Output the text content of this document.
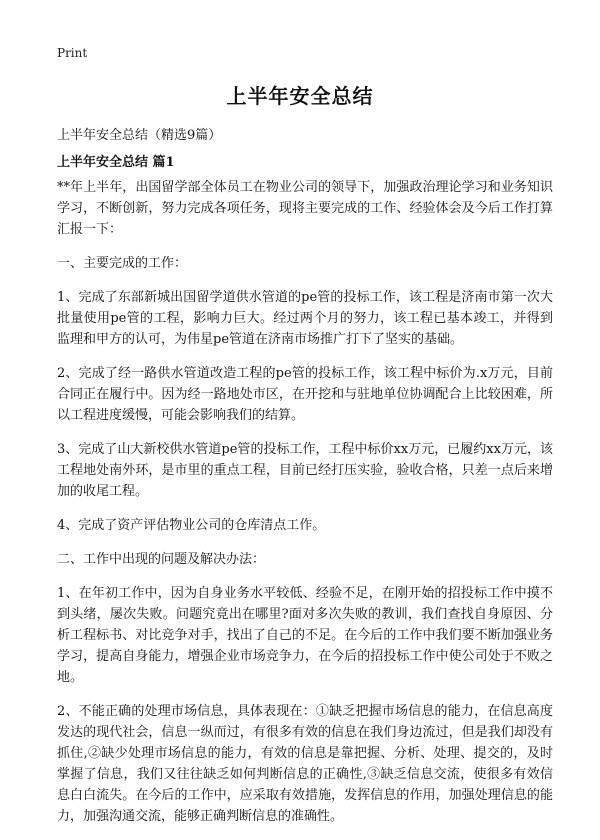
Print
上半年安全总结
上半年安全总结（精选9篇）
上半年安全总结 篇1

**年上半年，出国留学部全体员工在物业公司的领导下，加强政治理论学习和业务知识学习，不断创新，努力完成各项任务，现将主要完成的工作、经验体会及今后工作打算汇报一下：

一、主要完成的工作：

1、完成了东部新城出国留学道供水管道的pe管的投标工作，该工程是济南市第一次大批量使用pe管的工程，影响力巨大。经过两个月的努力，该工程已基本竣工，并得到监理和甲方的认可，为伟星pe管道在济南市场推广打下了坚实的基础。

2、完成了经一路供水管道改造工程的pe管的投标工作，该工程中标价为.x万元，目前合同正在履行中。因为经一路地处市区，在开挖和与驻地单位协调配合上比较困难，所以工程进度缓慢，可能会影响我们的结算。

3、完成了山大新校供水管道pe管的投标工作，工程中标价xx万元，已履约xx万元，该工程地处南外环，是市里的重点工程，目前已经打压实验，验收合格，只差一点后来增加的收尾工程。

4、完成了资产评估物业公司的仓库清点工作。

二、工作中出现的问题及解决办法：

1、在年初工作中，因为自身业务水平较低、经验不足，在刚开始的招投标工作中摸不到头绪，屡次失败。问题究竟出在哪里?面对多次失败的教训，我们查找自身原因、分析工程标书、对比竞争对手，找出了自己的不足。在今后的工作中我们要不断加强业务学习，提高自身能力，增强企业市场竞争力，在今后的招投标工作中使公司处于不败之地。

2、不能正确的处理市场信息，具体表现在：①缺乏把握市场信息的能力，在信息高度发达的现代社会，信息一纵而过，有很多有效的信息在我们身边流过，但是我们却没有抓住,②缺少处理市场信息的能力，有效的信息是靠把握、分析、处理、提交的，及时掌握了信息，我们又往往缺乏如何判断信息的正确性,③缺乏信息交流，使很多有效信息白白流失。在今后的工作中，应采取有效措施，发挥信息的作用，加强处理信息的能力，加强沟通交流，能够正确判断信息的准确性。
